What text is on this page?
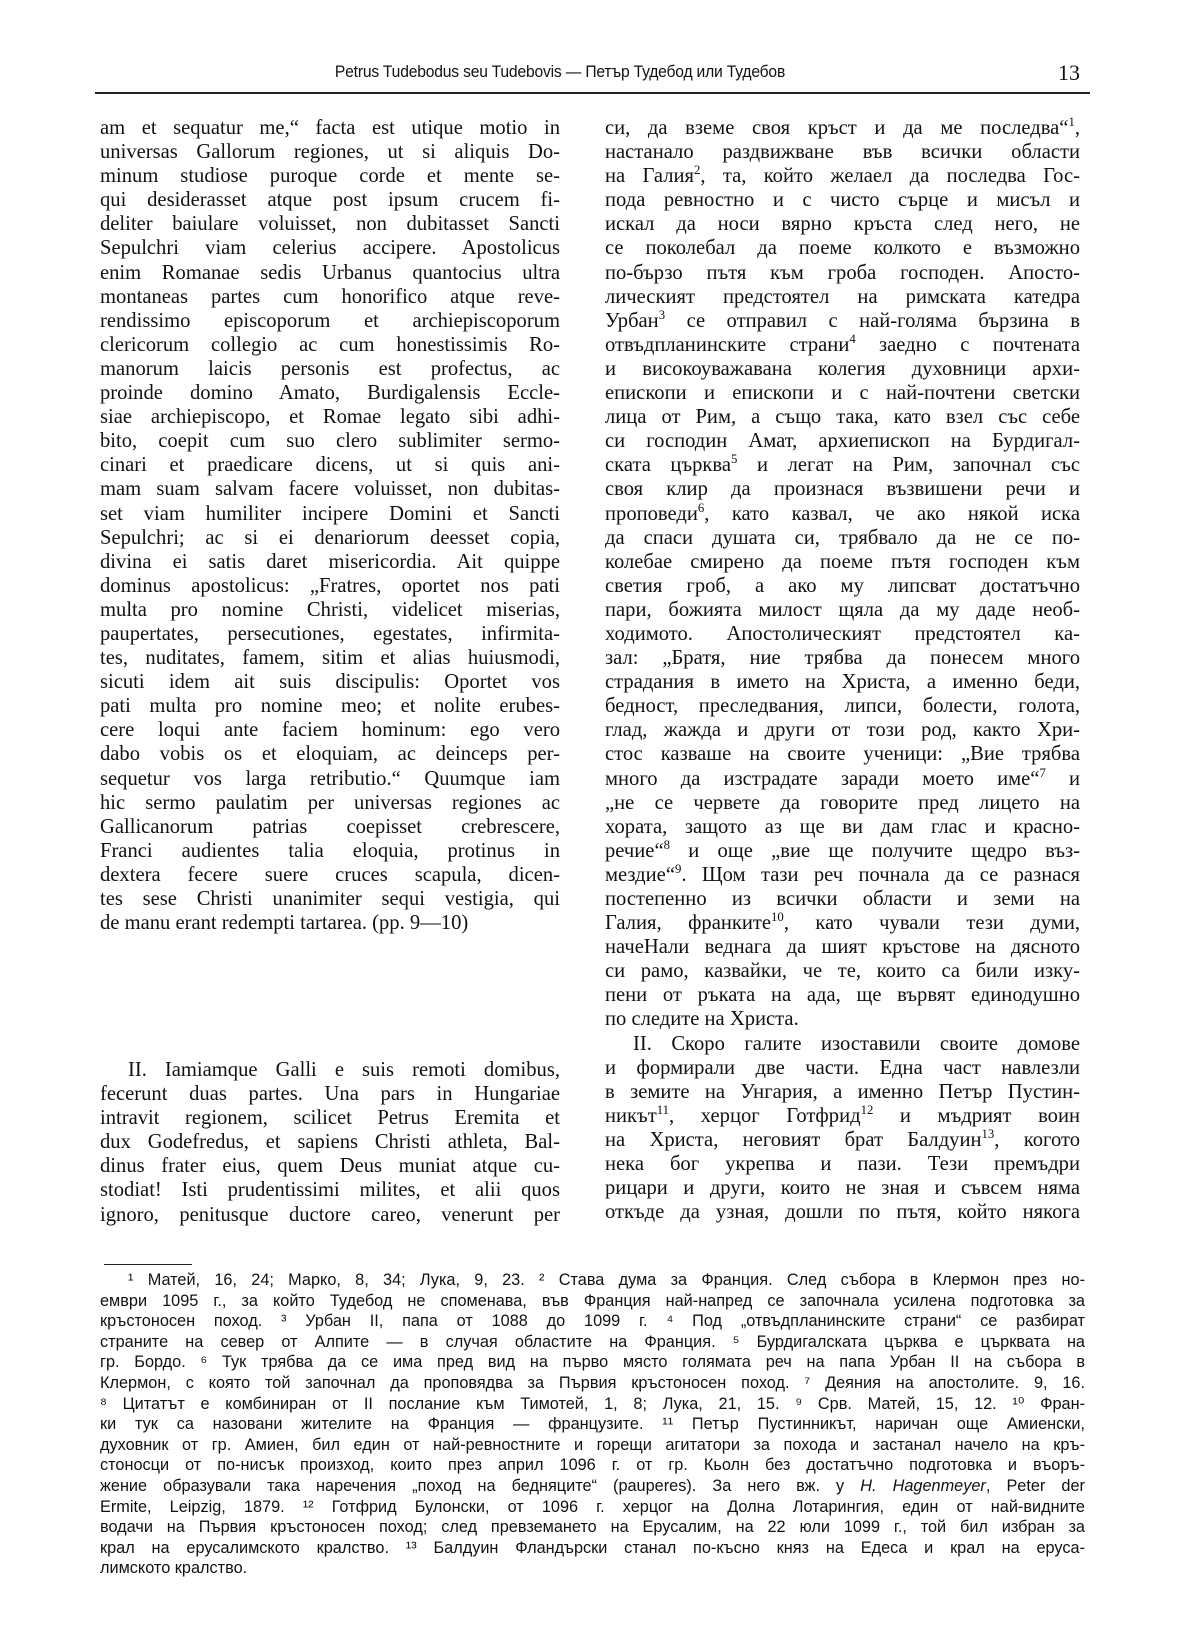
Petrus Tudebodus seu Tudebovis — Петър Тудебод или Тудебов	13
am et sequatur me,“ facta est utique motio in
universas Gallorum regiones, ut si aliquis Do-
minum studiose puroque corde et mente se-
qui desiderasset atque post ipsum crucem fi-
deliter baiulare voluisset, non dubitasset Sancti
Sepulchri viam celerius accipere. Apostolicus
enim Romanae sedis Urbanus quantocius ultra
montaneas partes cum honorifico atque reve-
rendissimo episcoporum et archiepiscoporum
clericorum collegio ac cum honestissimis Ro-
manorum laicis personis est profectus, ac
proinde domino Amato, Burdigalensis Eccle-
siae archiepiscopo, et Romae legato sibi adhi-
bito, coepit cum suo clero sublimiter sermo-
cinari et praedicare dicens, ut si quis ani-
mam suam salvam facere voluisset, non dubitas-
set viam humiliter incipere Domini et Sancti
Sepulchri; ac si ei denariorum deesset copia,
divina ei satis daret misericordia. Ait quippe
dominus apostolicus: „Fratres, oportet nos pati
multa pro nomine Christi, videlicet miserias,
paupertates, persecutiones, egestates, infirmita-
tes, nuditates, famem, sitim et alias huiusmodi,
sicuti idem ait suis discipulis: Oportet vos
pati multa pro nomine meo; et nolite erubes-
cere loqui ante faciem hominum: ego vero
dabo vobis os et eloquiam, ac deinceps per-
sequetur vos larga retributio.“ Quumque iam
hic sermo paulatim per universas regiones ac
Gallicanorum patrias coepisset crebrescere,
Franci audientes talia eloquia, protinus in
dextera fecere suere cruces scapula, dicen-
tes sese Christi unanimiter sequi vestigia, qui
de manu erant redempti tartarea. (pp. 9—10)
II. Iamiamque Galli e suis remoti domibus,
fecerunt duas partes. Una pars in Hungariae
intravit regionem, scilicet Petrus Eremita et
dux Godefredus, et sapiens Christi athleta, Bal-
dinus frater eius, quem Deus muniat atque cu-
stodiat! Isti prudentissimi milites, et alii quos
ignoro, penitusque ductore careo, venerunt per
си, да вземе своя кръст и да ме последва“$^1$,
настанало раздвижване във всички области
на Галия$^2$, та, който желаел да последва Гос-
пода ревностно и с чисто сърце и мисъл и
искал да носи вярно кръста след него, не
се поколебал да поеме колкото е възможно
по-бързо пътя към гроба господен. Aпосто-
лическият предстоятел на римската катедра
Урбан$^3$ се отправил с най-голяма бързина в
отвъдпланинските страни$^4$ заедно с почтената
и високоуважавана колегия духовници архи-
епископи и епископи и с най-почтени светски
лица от Рим, а също така, като взел със себе
си господин Амат, архиепископ на Бурдигал-
ската църква$^5$ и легат на Рим, започнал със
своя клир да произнася възвишени речи и
проповеди$^6$, като казвал, че ако някой иска
да спаси душата си, трябвало да не се по-
колебае смирено да поеме пътя господен към
светия гроб, а ако му липсват достатъчно
пари, божията милост щяла да му даде необ-
ходимото. Апостолическият предстоятел ка-
зал: „Братя, ние трябва да понесем много
страдания в името на Христа, а именно беди,
бедност, преследвания, липси, болести, голота,
глад, жажда и други от този род, както Хри-
стос казваше на своите ученици: „Вие трябва
много да изстрадате заради моето име“$^7$ и
„не се червете да говорите пред лицето на
хората, защото аз ще ви дам глас и красно-
речие“$^8$ и още „вие ще получите щедро въз-
мездие“$^9$. Щом тази реч почнала да се разнася
постепенно из всички области и земи на
Галия, франките$^{10}$, като чували тези думи,
начеНали веднага да шият кръстове на дясното
си рамо, казвайки, че те, които са били изку-
пени от ръката на ада, ще вървят единодушно
по следите на Христа.
II. Скоро галите изоставили своите домове
и формирали две части. Една част навлезли
в земите на Унгария, а именно Петър Пустин-
никът$^{11}$, херцог Готфрид$^{12}$ и мъдрият воин
на Христа, неговият брат Балдуин$^{13}$, когото
нека бог укрепва и пази. Тези премъдри
рицари и други, които не зная и съвсем няма
откъде да узная, дошли по пътя, който някога
¹ Матей, 16, 24; Марко, 8, 34; Лука, 9, 23. ² Става дума за Франция. След събора в Клермон през но-
ември 1095 г., за който Тудебод не споменава, във Франция най-напред се започнала усилена подготовка за
кръстоносен поход. ³ Урбан II, папа от 1088 до 1099 г. ⁴ Под „отвъдпланинските страни“ се разбират
страните на север от Алпите — в случая областите на Франция. ⁵ Бурдигалската църква е църквата на
гр. Бордо. ⁶ Тук трябва да се има пред вид на първо място голямата реч на папа Урбан II на събора в
Клермон, с която той започнал да проповядва за Първия кръстоносен поход. ⁷ Деяния на апостолите. 9, 16.
⁸ Цитатът е комбиниран от II послание към Тимотей, 1, 8; Лука, 21, 15. ⁹ Срв. Матей, 15, 12. ¹⁰ Фран-
ки тук са назовани жителите на Франция — французите. ¹¹ Петър Пустинникът, наричан още Амиенски,
духовник от гр. Амиен, бил един от най-ревностните и горещи агитатори за похода и застанал начело на кръ-
стоносци от по-нисък произход, които през април 1096 г. от гр. Кьолн без достатъчно подготовка и въоръ-
жение образували така наречения „поход на бедняците“ (pauperes). За него вж. у H. Hagenmeyer, Peter der
Ermite, Leipzig, 1879. ¹² Готфрид Булонски, от 1096 г. херцог на Долна Лотарингия, един от най-видните
водачи на Първия кръстоносен поход; след превземането на Ерусалим, на 22 юли 1099 г., той бил избран за
крал на ерусалимското кралство. ¹³ Балдуин Фландърски станал по-късно княз на Едеса и крал на еруса-
лимското кралство.
